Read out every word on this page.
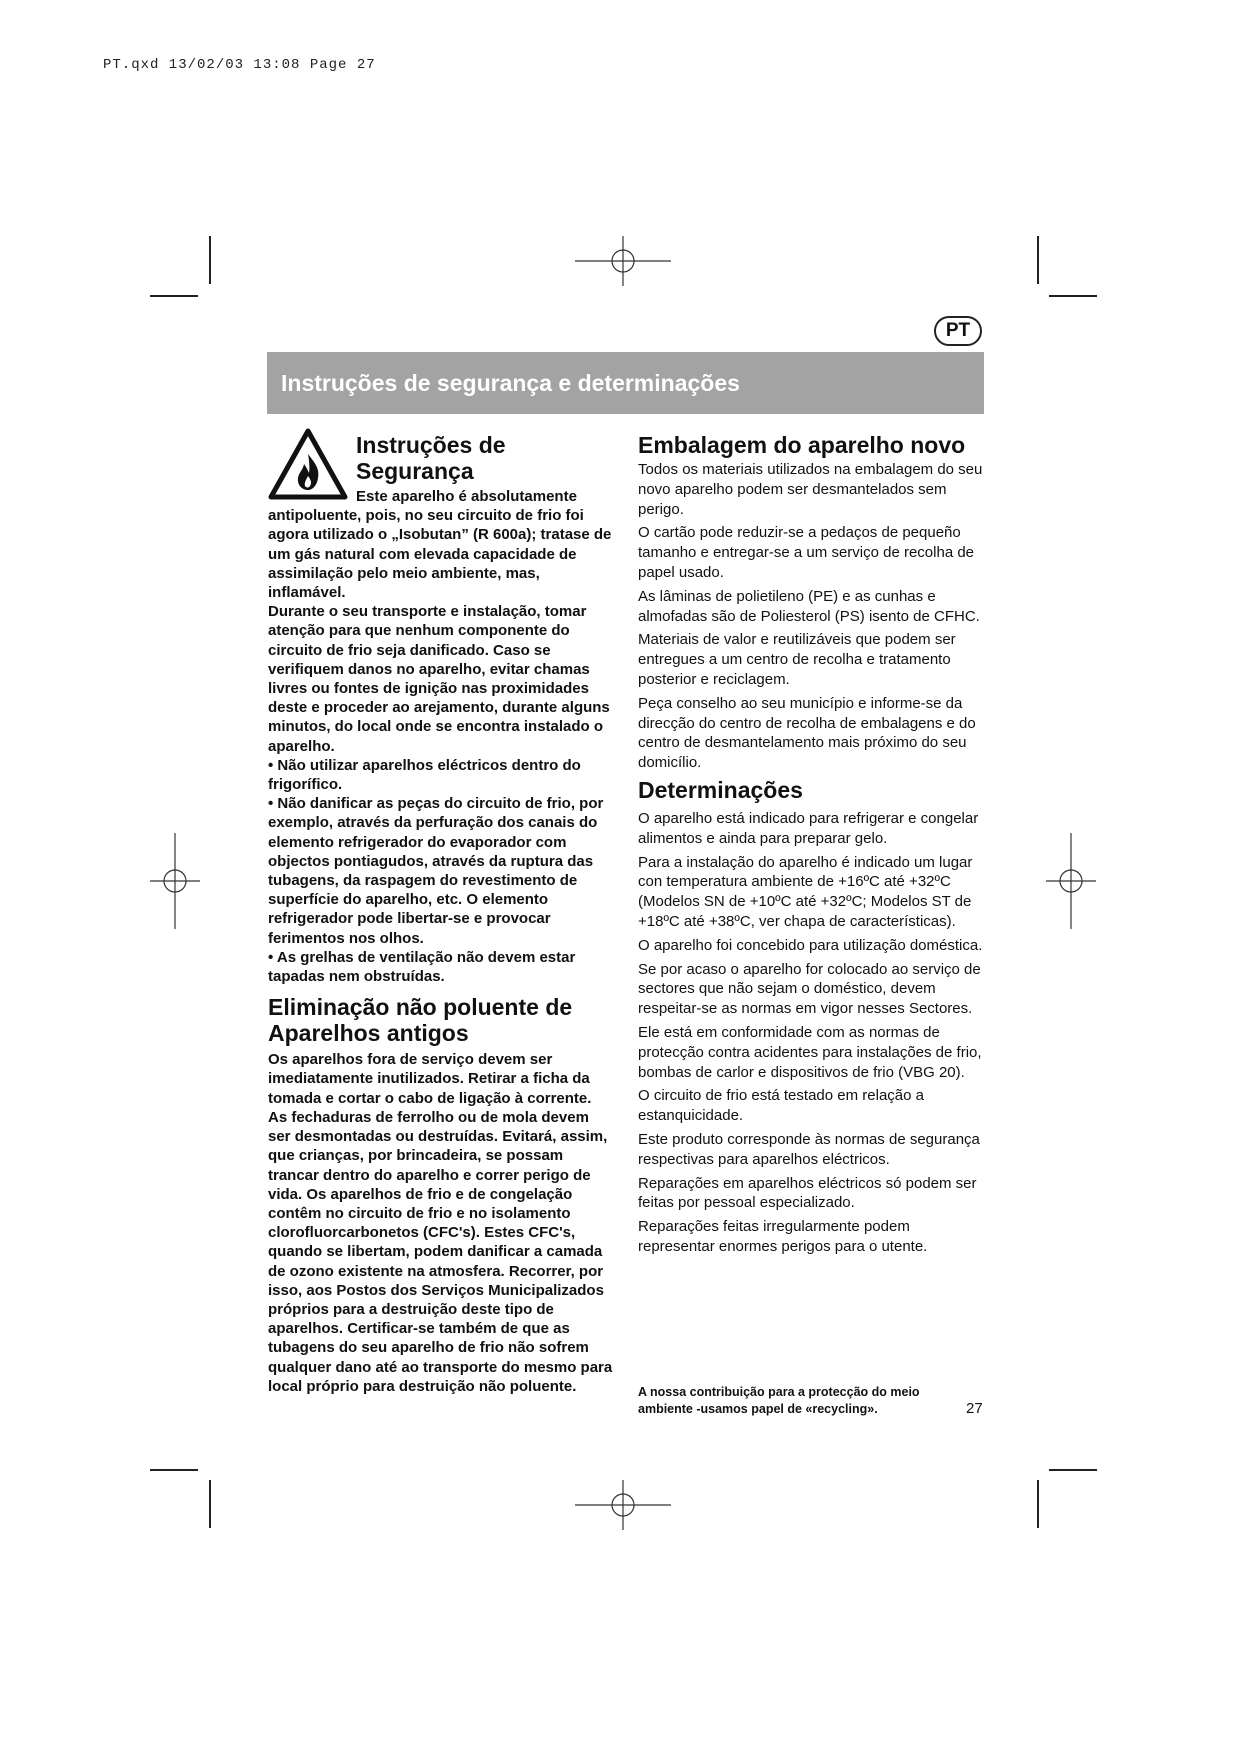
PT.qxd 13/02/03 13:08 Page 27
PT
Instruções de segurança e determinações

Instruções de

Segurança

Este aparelho é absolutamente

antipoluente, pois, no seu circuito de frio foi agora utilizado o „Isobutan” (R 600a); tratase de um gás natural com elevada capacidade de assimilação pelo meio ambiente, mas, inflamável.

Durante o seu transporte e instalação, tomar atenção para que nenhum componente do circuito de frio seja danificado. Caso se verifiquem danos no aparelho, evitar chamas livres ou fontes de ignição nas proximidades deste e proceder ao arejamento, durante alguns minutos, do local onde se encontra instalado o aparelho.

• Não utilizar aparelhos eléctricos dentro do frigorífico.

• Não danificar as peças do circuito de frio, por exemplo, através da perfuração dos canais do elemento refrigerador do evaporador com objectos pontiagudos, através da ruptura das tubagens, da raspagem do revestimento de superfície do aparelho, etc. O elemento refrigerador pode libertar-se e provocar ferimentos nos olhos.

• As grelhas de ventilação não devem estar tapadas nem obstruídas.

Eliminação não poluente de Aparelhos antigos

Os aparelhos fora de serviço devem ser imediatamente inutilizados. Retirar a ficha da tomada e cortar o cabo de ligação à corrente. As fechaduras de ferrolho ou de mola devem ser desmontadas ou destruídas. Evitará, assim, que crianças, por brincadeira, se possam trancar dentro do aparelho e correr perigo de vida. Os aparelhos de frio e de congelação contêm no circuito de frio e no isolamento clorofluorcarbonetos (CFC's). Estes CFC's, quando se libertam, podem danificar a camada de ozono existente na atmosfera. Recorrer, por isso, aos Postos dos Serviços Municipalizados próprios para a destruição deste tipo de aparelhos. Certificar-se também de que as tubagens do seu aparelho de frio não sofrem qualquer dano até ao transporte do mesmo para local próprio para destruição não poluente.

Embalagem do aparelho novo

Todos os materiais utilizados na embalagem do seu novo aparelho podem ser desmantelados sem perigo.

O cartão pode reduzir-se a pedaços de pequeño tamanho e entregar-se a um serviço de recolha de papel usado.

As lâminas de polietileno (PE) e as cunhas e almofadas são de Poliesterol (PS) isento de CFHC.

Materiais de valor e reutilizáveis que podem ser entregues a um centro de recolha e tratamento posterior e reciclagem.

Peça conselho ao seu município e informe-se da direcção do centro de recolha de embalagens e do centro de desmantelamento mais próximo do seu domicílio.

Determinações

O aparelho está indicado para refrigerar e congelar alimentos e ainda para preparar gelo.

Para a instalação do aparelho é indicado um lugar con temperatura ambiente de +16ºC até +32ºC (Modelos SN de +10ºC até +32ºC; Modelos ST de +18ºC até +38ºC, ver chapa de características).

O aparelho foi concebido para utilização doméstica.

Se por acaso o aparelho for colocado ao serviço de sectores que não sejam o doméstico, devem respeitar-se as normas em vigor nesses Sectores.

Ele está em conformidade com as normas de protecção contra acidentes para instalações de frio, bombas de carlor e dispositivos de frio (VBG 20).

O circuito de frio está testado em relação a estanquicidade.

Este produto corresponde às normas de segurança respectivas para aparelhos eléctricos.

Reparações em aparelhos eléctricos só podem ser feitas por pessoal especializado.

Reparações feitas irregularmente podem representar enormes perigos para o utente.

A nossa contribuição para a protecção do meio ambiente -usamos papel de «recycling».	27
